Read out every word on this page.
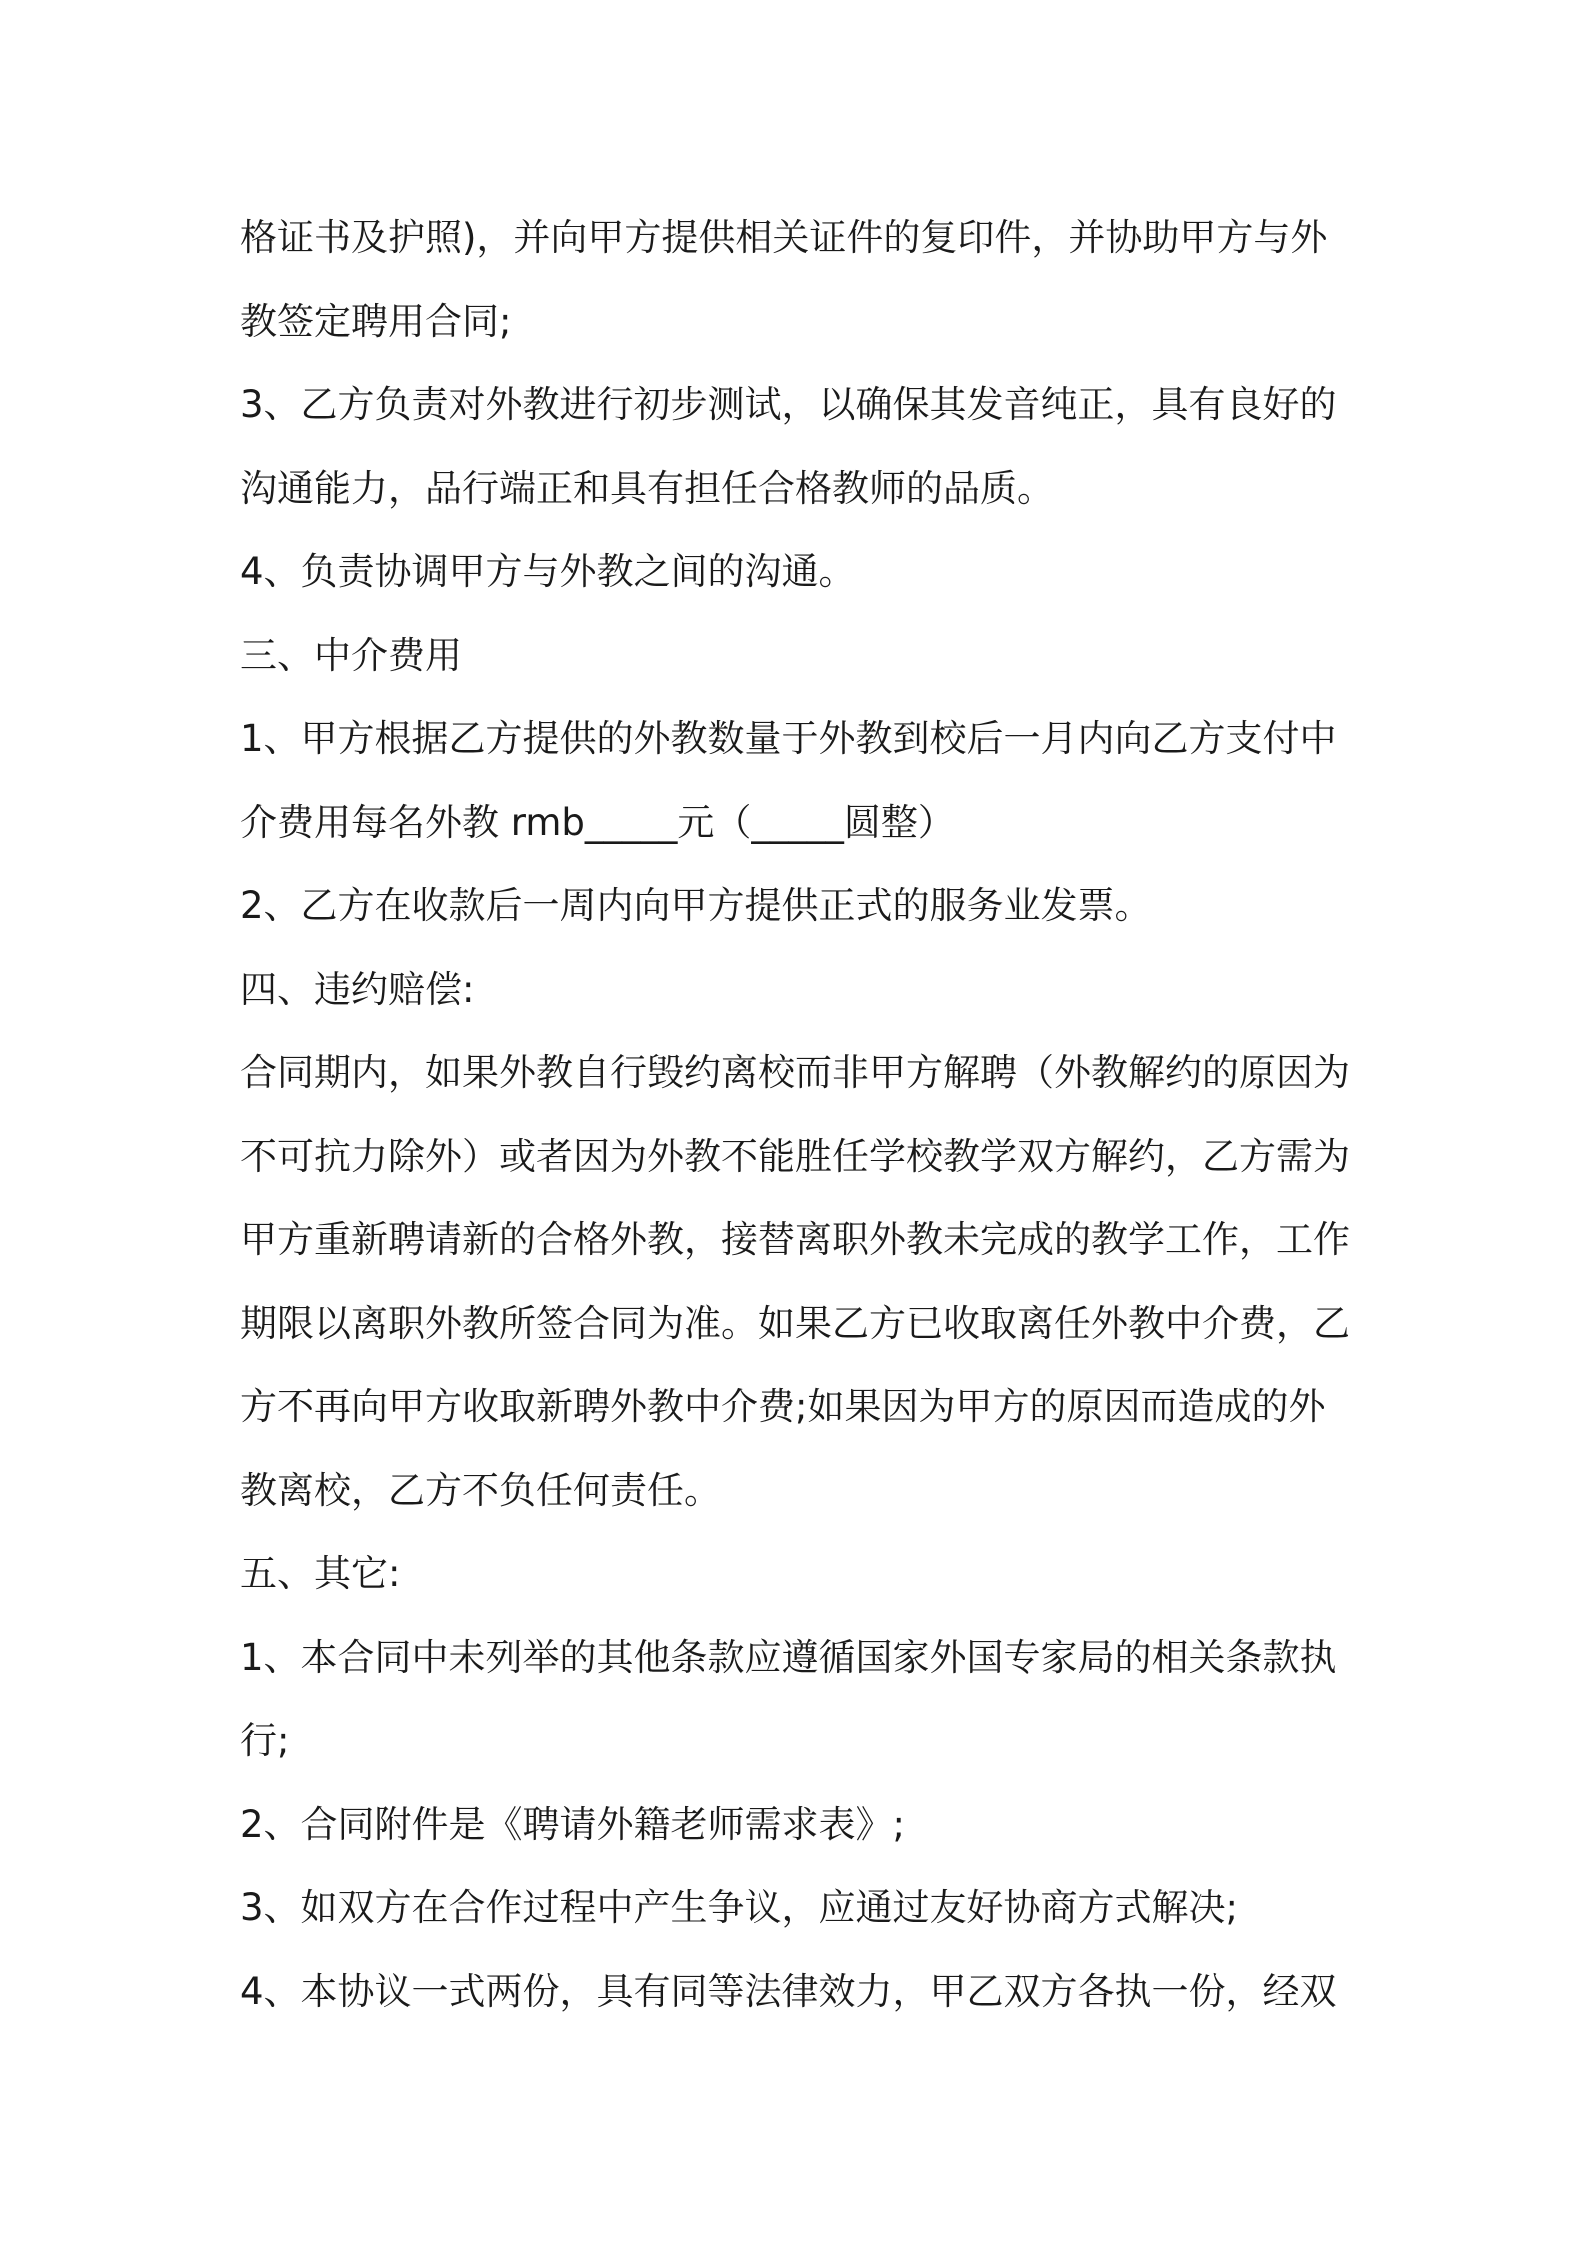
格证书及护照)，并向甲方提供相关证件的复印件，并协助甲方与外
教签定聘用合同;
3、乙方负责对外教进行初步测试，以确保其发音纯正，具有良好的
沟通能力，品行端正和具有担任合格教师的品质。
4、负责协调甲方与外教之间的沟通。
三、中介费用
1、甲方根据乙方提供的外教数量于外教到校后一月内向乙方支付中
介费用每名外教 rmb_____元（_____圆整）
2、乙方在收款后一周内向甲方提供正式的服务业发票。
四、违约赔偿:
合同期内，如果外教自行毁约离校而非甲方解聘（外教解约的原因为
不可抗力除外）或者因为外教不能胜任学校教学双方解约，乙方需为
甲方重新聘请新的合格外教，接替离职外教未完成的教学工作，工作
期限以离职外教所签合同为准。如果乙方已收取离任外教中介费，乙
方不再向甲方收取新聘外教中介费;如果因为甲方的原因而造成的外
教离校，乙方不负任何责任。
五、其它:
1、本合同中未列举的其他条款应遵循国家外国专家局的相关条款执
行;
2、合同附件是《聘请外籍老师需求表》;
3、如双方在合作过程中产生争议，应通过友好协商方式解决;
4、本协议一式两份，具有同等法律效力，甲乙双方各执一份，经双
